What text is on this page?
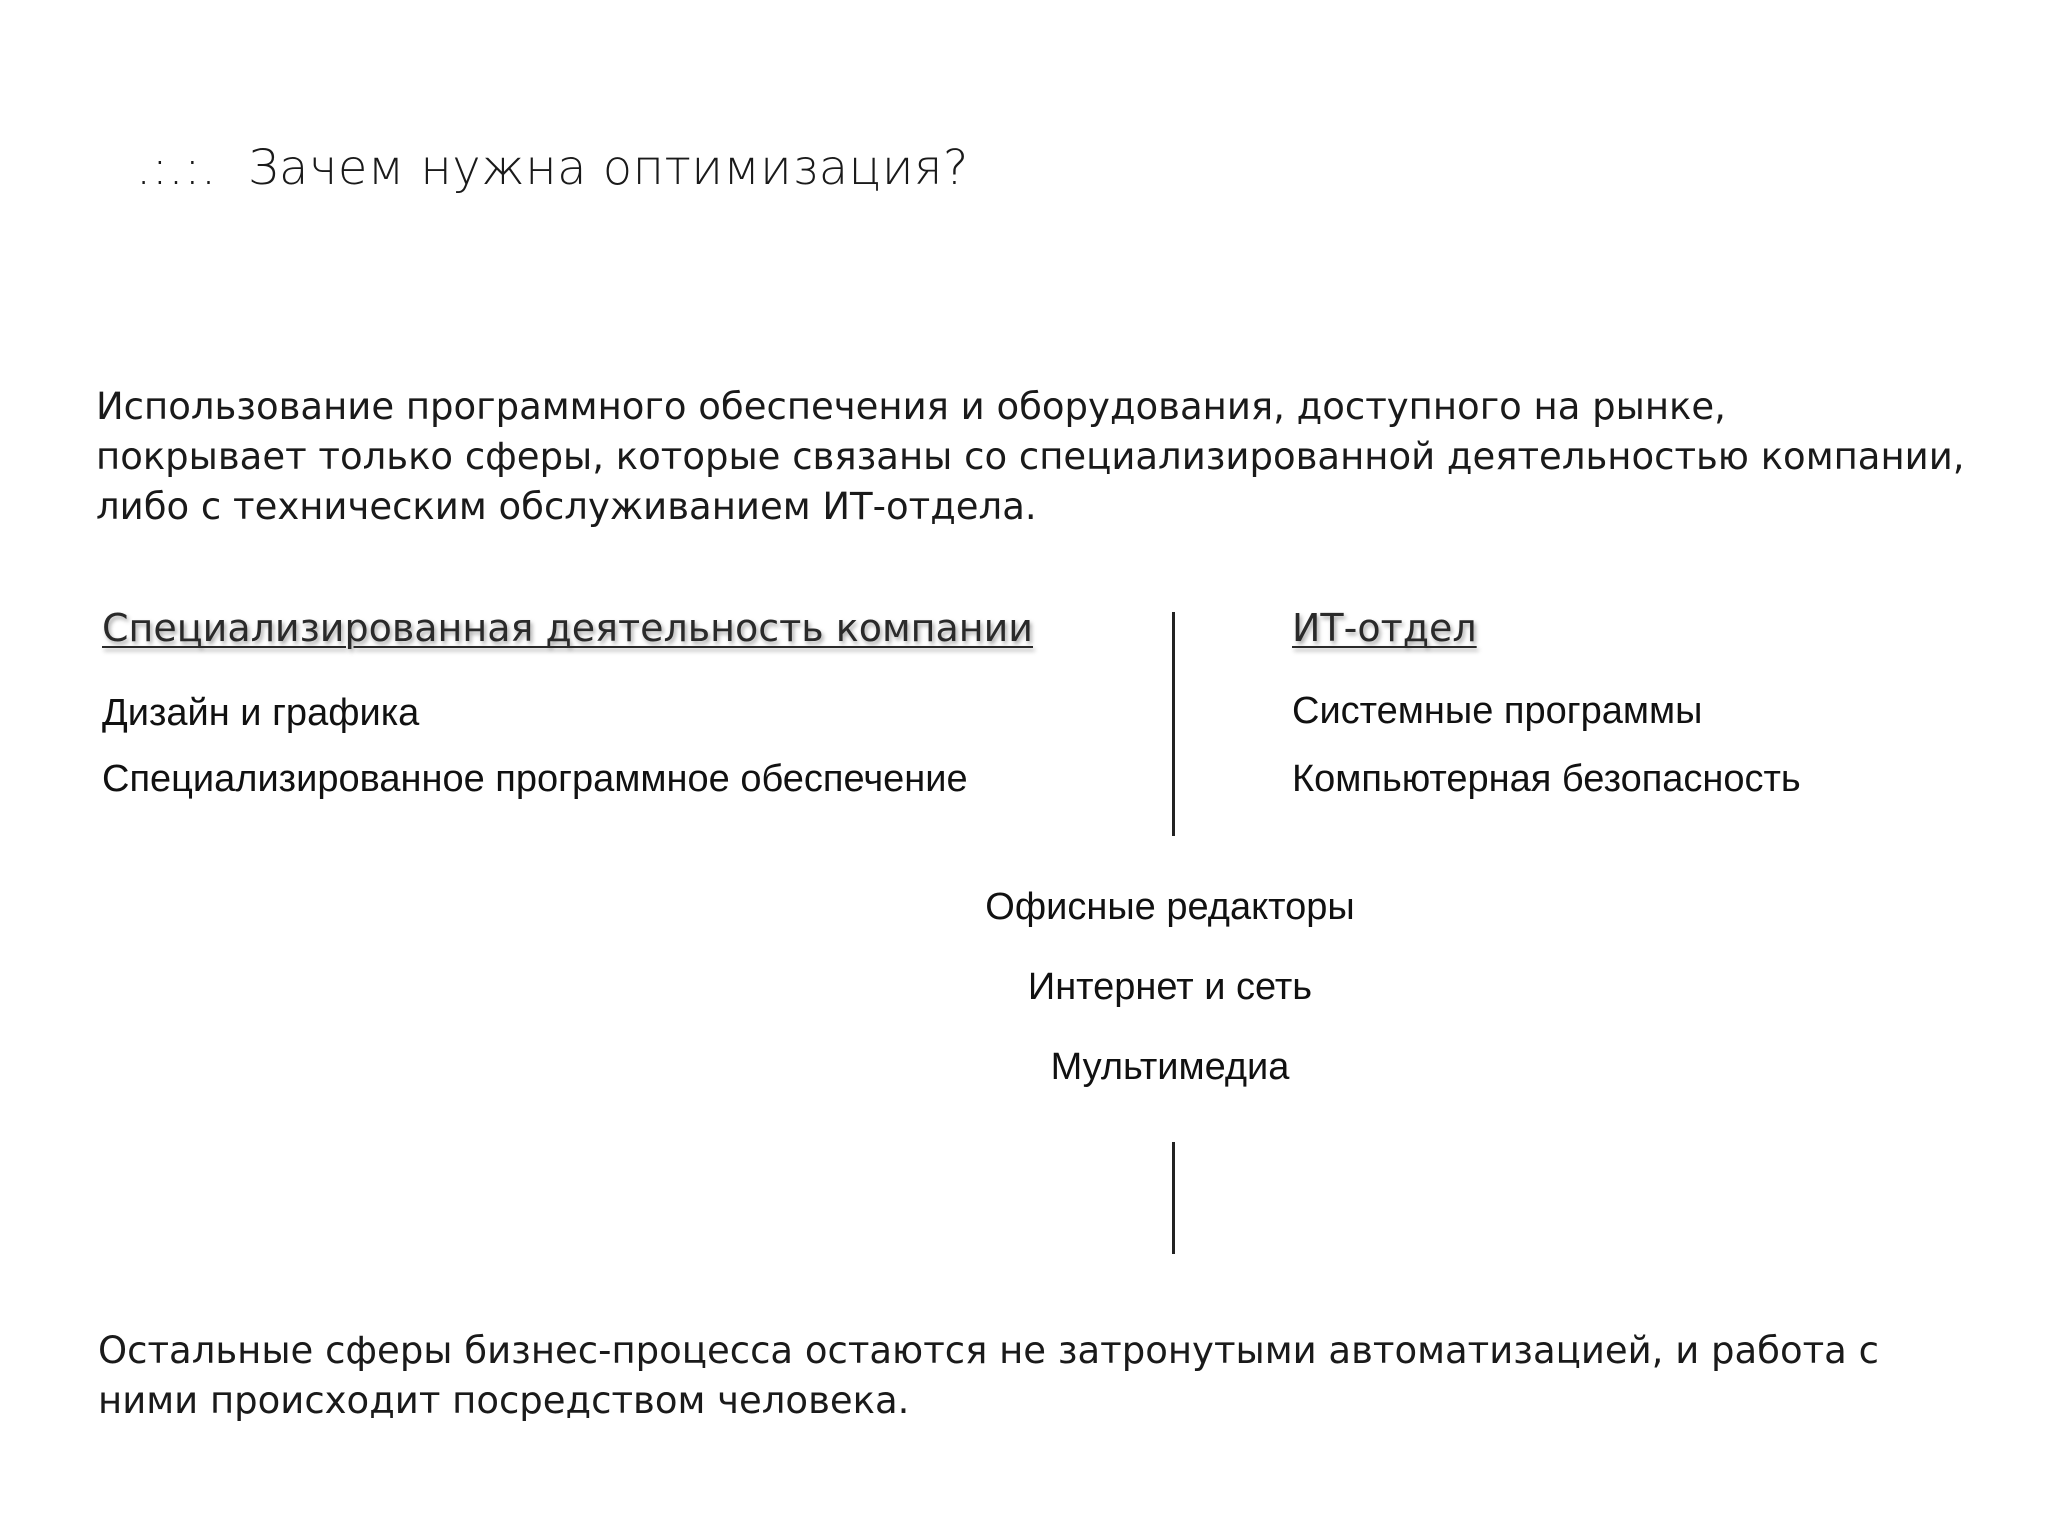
.:.:. Зачем нужна оптимизация?
Использование программного обеспечения и оборудования, доступного на рынке,
покрывает только сферы, которые связаны со специализированной деятельностью компании,
либо с техническим обслуживанием ИТ-отдела.
Специализированная деятельность компании
Дизайн и графика
Специализированное программное обеспечение
ИТ-отдел
Системные программы
Компьютерная безопасность
Офисные редакторы
Интернет и сеть
Мультимедиа
Остальные сферы бизнес-процесса остаются не затронутыми автоматизацией, и работа с
ними происходит посредством человека.
